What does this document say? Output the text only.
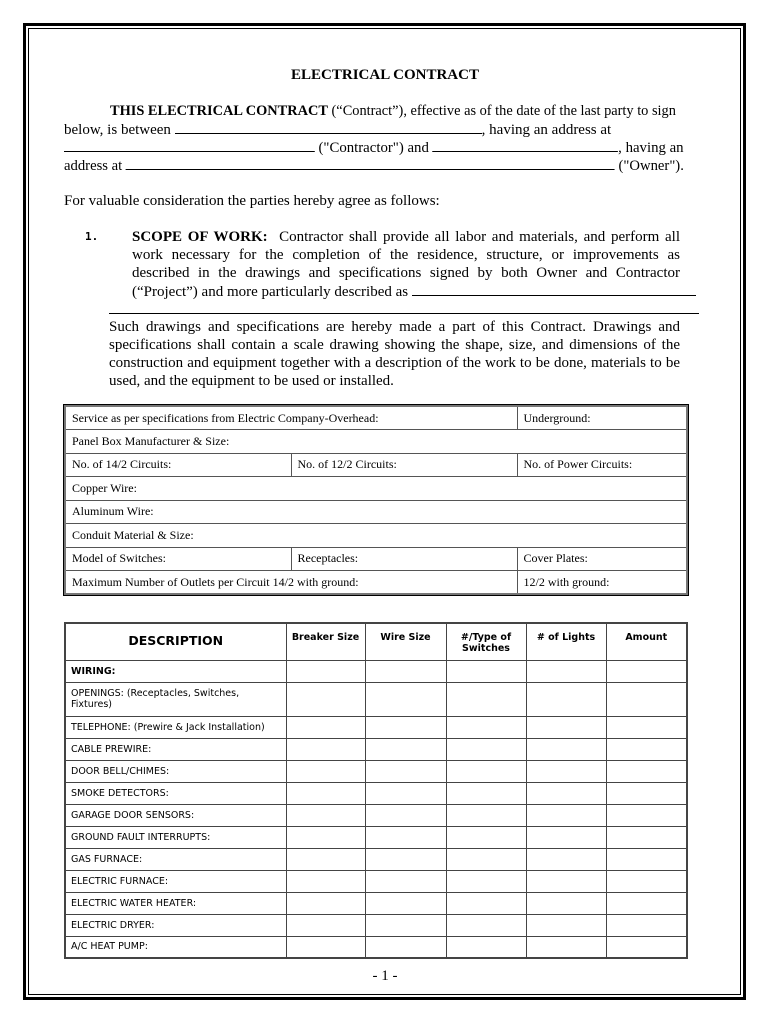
ELECTRICAL CONTRACT
THIS ELECTRICAL CONTRACT (“Contract”), effective as of the date of the last party to sign
below, is between	, having an address at
("Contractor") and	, having an
address at	("Owner").
For valuable consideration the parties hereby agree as follows:
1. SCOPE OF WORK: Contractor shall provide all labor and materials, and perform all
work necessary for the completion of the residence, structure, or improvements as
described in the drawings and specifications signed by both Owner and Contractor
(“Project”) and more particularly described as
Such drawings and specifications are hereby made a part of this Contract. Drawings and
specifications shall contain a scale drawing showing the shape, size, and dimensions of the
construction and equipment together with a description of the work to be done, materials to be
used, and the equipment to be used or installed.
Service as per specifications from Electric Company-Overhead:		Underground:
Panel Box Manufacturer & Size:		
No. of 14/2 Circuits:	No. of 12/2 Circuits:	No. of Power Circuits:
Copper Wire:		
Aluminum Wire:		
Conduit Material & Size:		
Model of Switches:	Receptacles:	Cover Plates:
Maximum Number of Outlets per Circuit 14/2 with ground:		12/2 with ground:
DESCRIPTION	Breaker Size	Wire Size	#/Type of Switches	# of Lights	Amount
WIRING:					
OPENINGS: (Receptacles, Switches, Fixtures)					
TELEPHONE: (Prewire & Jack Installation)					
CABLE PREWIRE:					
DOOR BELL/CHIMES:					
SMOKE DETECTORS:					
GARAGE DOOR SENSORS:					
GROUND FAULT INTERRUPTS:					
GAS FURNACE:					
ELECTRIC FURNACE:					
ELECTRIC WATER HEATER:					
ELECTRIC DRYER:					
A/C HEAT PUMP:					
- 1 -
